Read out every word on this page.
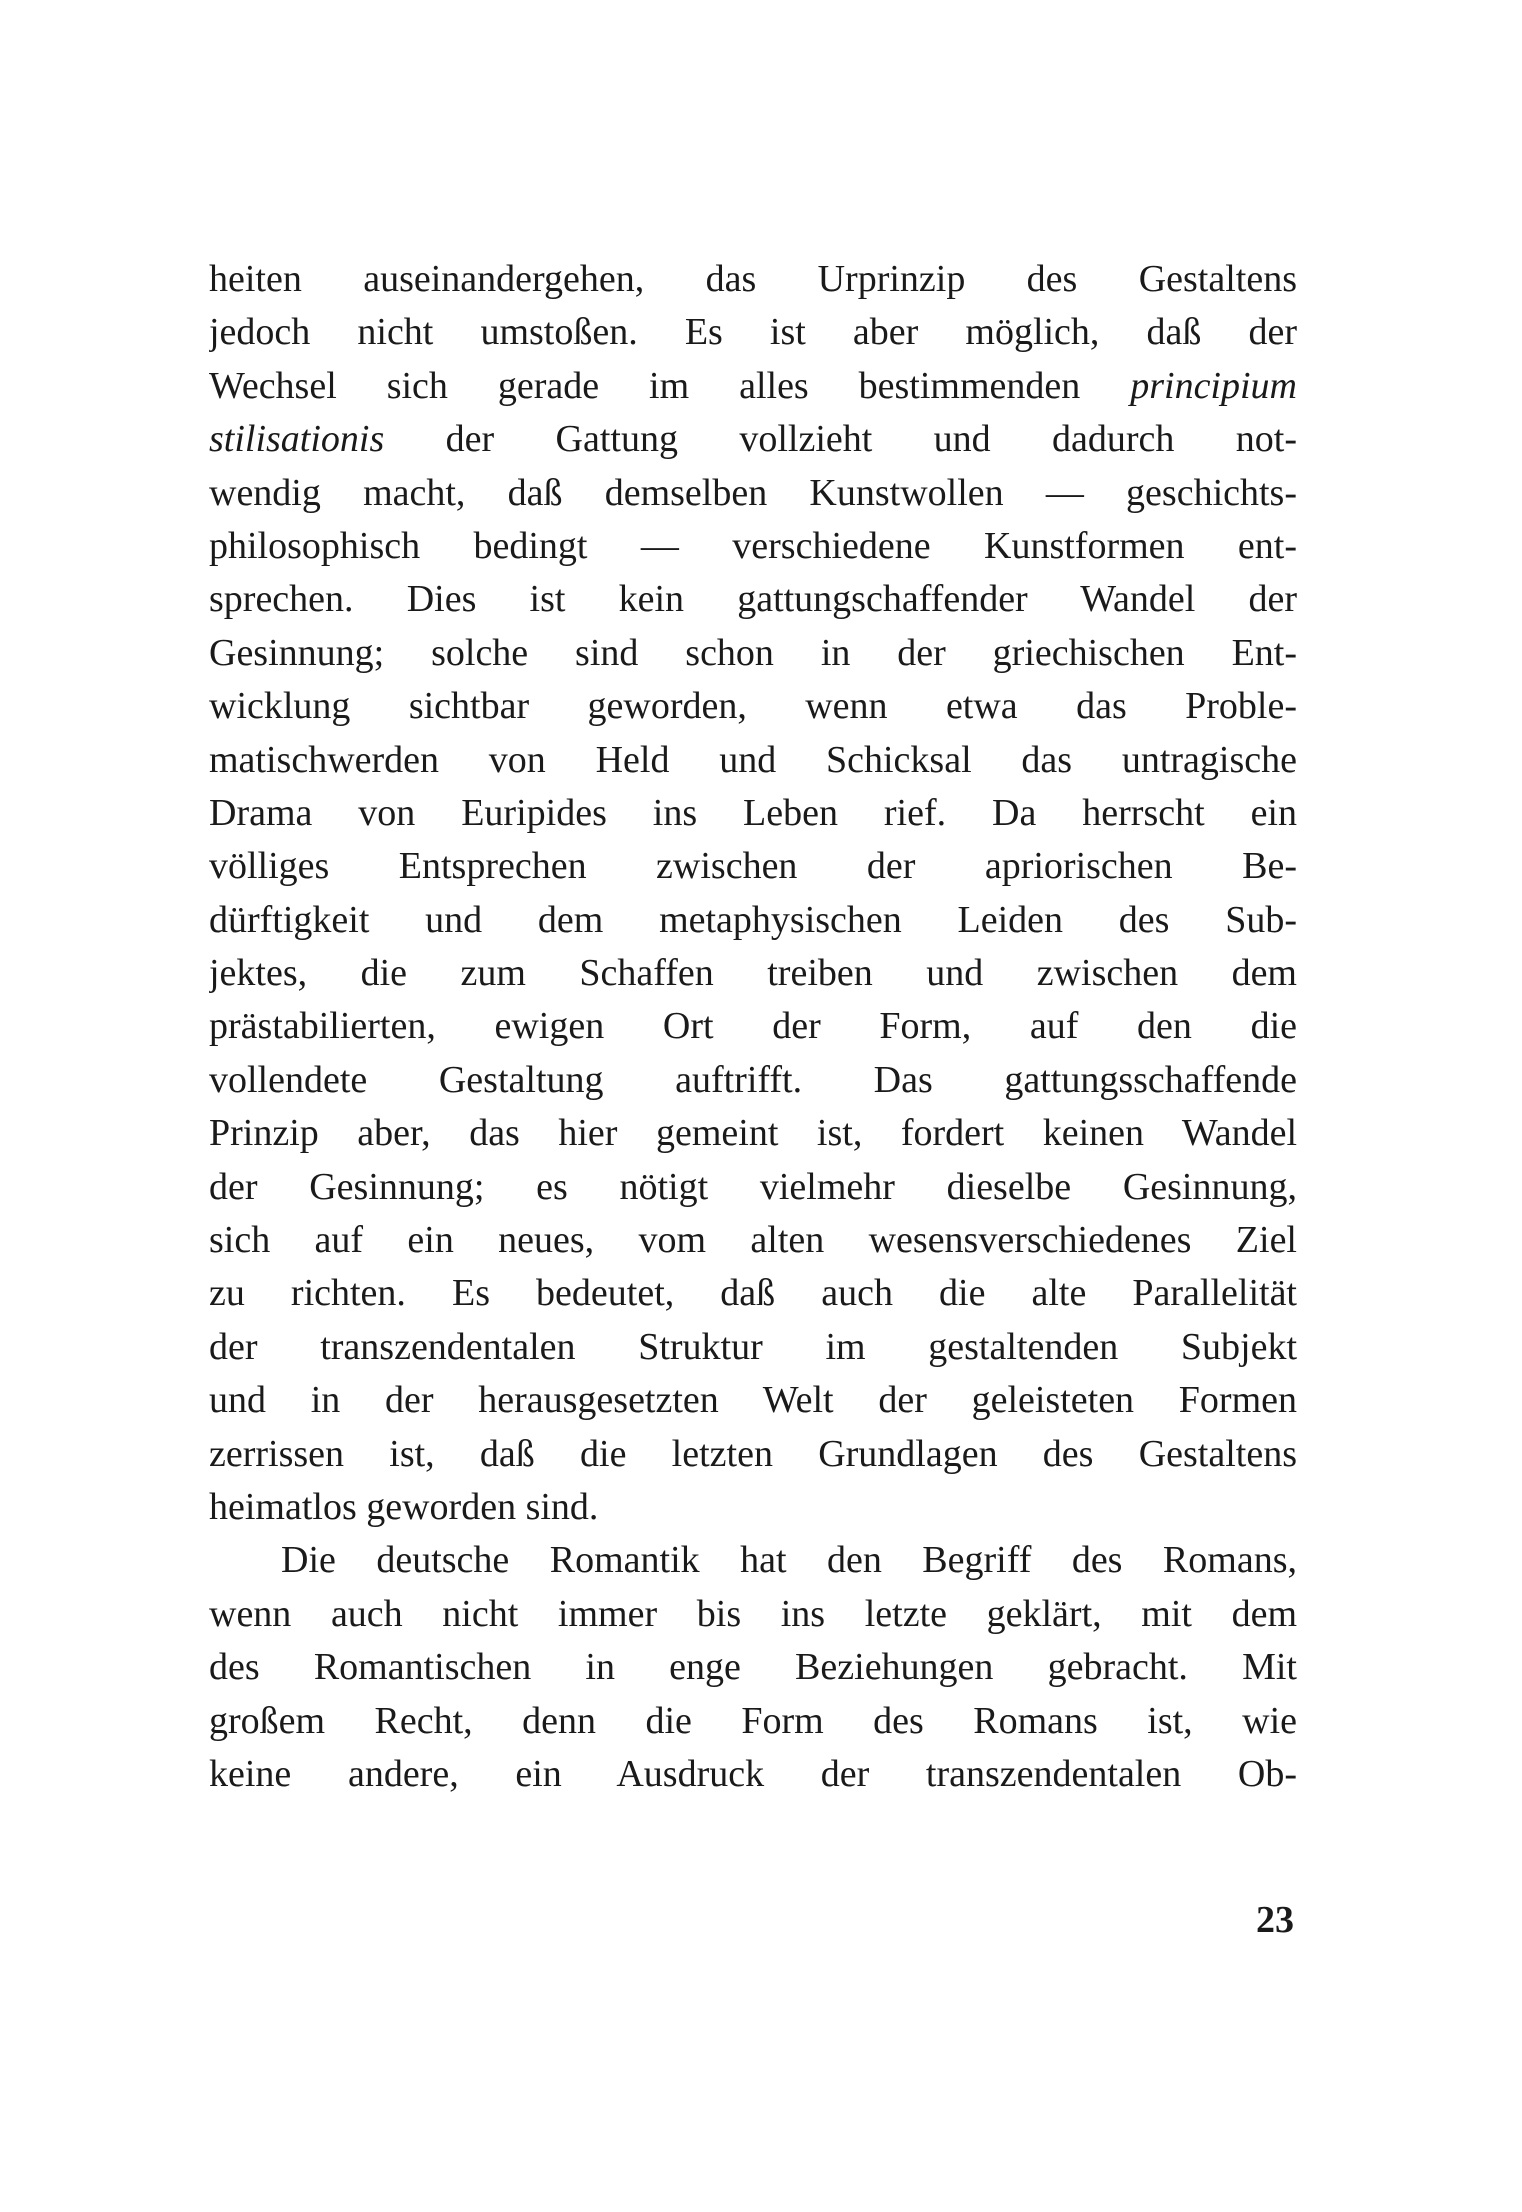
heiten auseinandergehen, das Urprinzip des Gestaltens
jedoch nicht umstoßen. Es ist aber möglich, daß der
Wechsel sich gerade im alles bestimmenden principium
stilisationis der Gattung vollzieht und dadurch not-
wendig macht, daß demselben Kunstwollen — geschichts-
philosophisch bedingt — verschiedene Kunstformen ent-
sprechen. Dies ist kein gattungschaffender Wandel der
Gesinnung; solche sind schon in der griechischen Ent-
wicklung sichtbar geworden, wenn etwa das Proble-
matischwerden von Held und Schicksal das untragische
Drama von Euripides ins Leben rief. Da herrscht ein
völliges Entsprechen zwischen der apriorischen Be-
dürftigkeit und dem metaphysischen Leiden des Sub-
jektes, die zum Schaffen treiben und zwischen dem
prästabilierten, ewigen Ort der Form, auf den die
vollendete Gestaltung auftrifft. Das gattungsschaffende
Prinzip aber, das hier gemeint ist, fordert keinen Wandel
der Gesinnung; es nötigt vielmehr dieselbe Gesinnung,
sich auf ein neues, vom alten wesensverschiedenes Ziel
zu richten. Es bedeutet, daß auch die alte Parallelität
der transzendentalen Struktur im gestaltenden Subjekt
und in der herausgesetzten Welt der geleisteten Formen
zerrissen ist, daß die letzten Grundlagen des Gestaltens
heimatlos geworden sind.
Die deutsche Romantik hat den Begriff des Romans,
wenn auch nicht immer bis ins letzte geklärt, mit dem
des Romantischen in enge Beziehungen gebracht. Mit
großem Recht, denn die Form des Romans ist, wie
keine andere, ein Ausdruck der transzendentalen Ob-
23
